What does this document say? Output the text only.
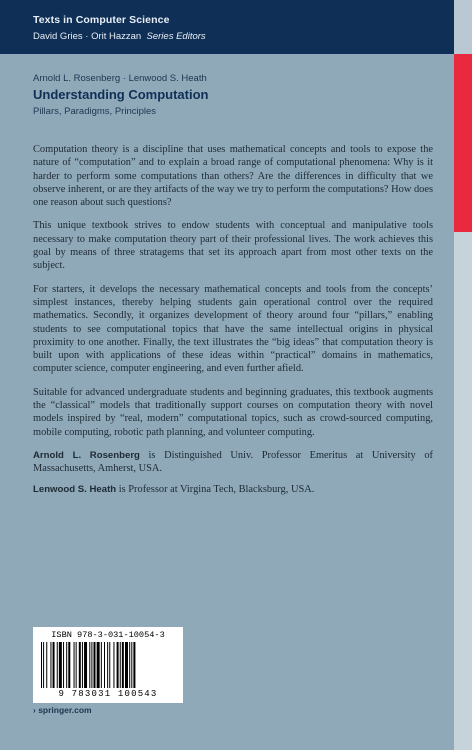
Texts in Computer Science
David Gries · Orit Hazzan Series Editors
Arnold L. Rosenberg · Lenwood S. Heath
Understanding Computation
Pillars, Paradigms, Principles

Computation theory is a discipline that uses mathematical concepts and tools to expose the nature of “computation” and to explain a broad range of computational phenomena: Why is it harder to perform some computations than others? Are the differences in difficulty that we observe inherent, or are they artifacts of the way we try to perform the computations? How does one reason about such questions?

This unique textbook strives to endow students with conceptual and manipulative tools necessary to make computation theory part of their professional lives. The work achieves this goal by means of three stratagems that set its approach apart from most other texts on the subject.

For starters, it develops the necessary mathematical concepts and tools from the concepts’ simplest instances, thereby helping students gain operational control over the required mathematics. Secondly, it organizes development of theory around four “pillars,” enabling students to see computational topics that have the same intellectual origins in physical proximity to one another. Finally, the text illustrates the “big ideas” that computation theory is built upon with applications of these ideas within “practical” domains in mathematics, computer science, computer engineering, and even further afield.

Suitable for advanced undergraduate students and beginning graduates, this textbook augments the “classical” models that traditionally support courses on computation theory with novel models inspired by “real, modern” computational topics, such as crowd-sourced computing, mobile computing, robotic path planning, and volunteer computing.

Arnold L. Rosenberg is Distinguished Univ. Professor Emeritus at University of Massachusetts, Amherst, USA.

Lenwood S. Heath is Professor at Virgina Tech, Blacksburg, USA.

ISBN 978-3-031-10054-3
9 783031 100543
› springer.com
